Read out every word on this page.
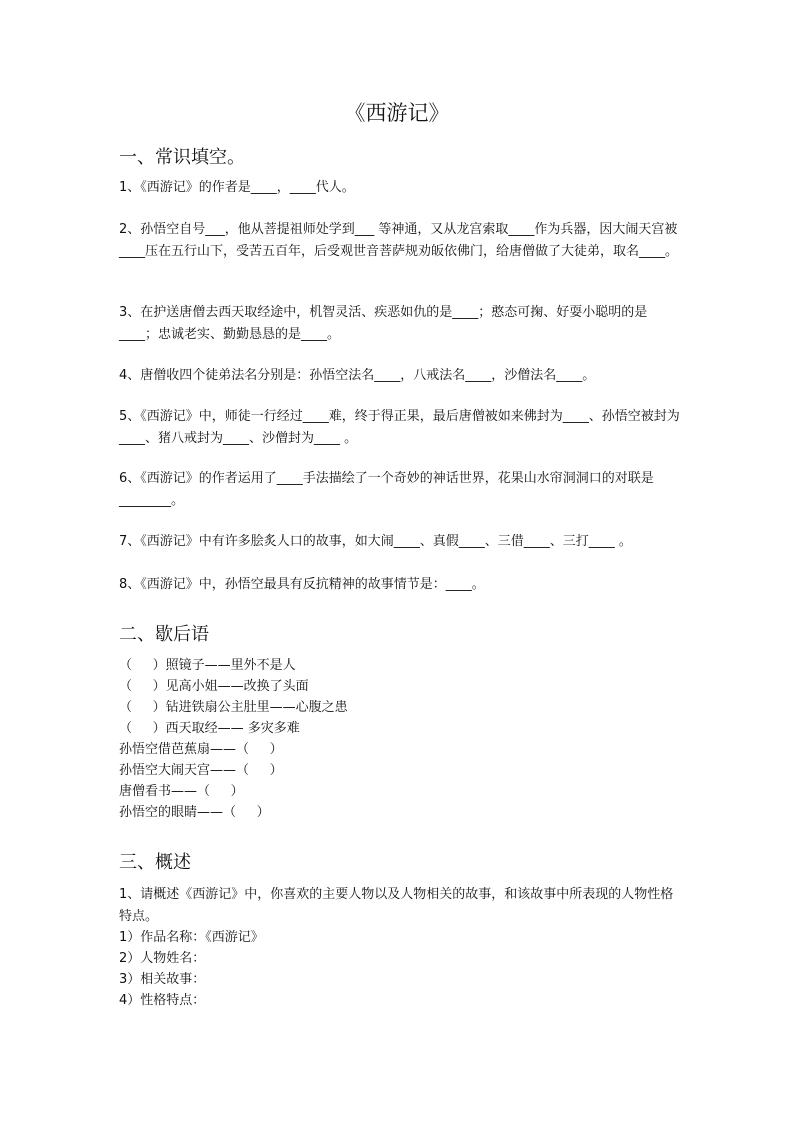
《西游记》
一、常识填空。
1、《西游记》的作者是____，____代人。
2、孙悟空自号___，他从菩提祖师处学到___ 等神通，又从龙宫索取____作为兵器，因大闹天宫被____压在五行山下，受苦五百年，后受观世音菩萨规劝皈依佛门，给唐僧做了大徒弟，取名____。
3、在护送唐僧去西天取经途中，机智灵活、疾恶如仇的是____；憨态可掬、好耍小聪明的是____；忠诚老实、勤勤恳恳的是____。
4、唐僧收四个徒弟法名分别是：孙悟空法名____，八戒法名____，沙僧法名____。
5、《西游记》中，师徒一行经过____难，终于得正果，最后唐僧被如来佛封为____、孙悟空被封为____、猪八戒封为____、沙僧封为____ 。
6、《西游记》的作者运用了____手法描绘了一个奇妙的神话世界，花果山水帘洞洞口的对联是________。
7、《西游记》中有许多脍炙人口的故事，如大闹____、真假____、三借____、三打____ 。
8、《西游记》中，孙悟空最具有反抗精神的故事情节是：____。
二、歇后语
（     ）照镜子——里外不是人
（     ）见高小姐——改换了头面
（     ）钻进铁扇公主肚里——心腹之患
（     ）西天取经—— 多灾多难
孙悟空借芭蕉扇——（     ）
孙悟空大闹天宫——（     ）
唐僧看书——（     ）
孙悟空的眼睛——（     ）
三、概述
1、请概述《西游记》中，你喜欢的主要人物以及人物相关的故事，和该故事中所表现的人物性格特点。
1）作品名称：《西游记》
2）人物姓名：
3）相关故事：
4）性格特点：
